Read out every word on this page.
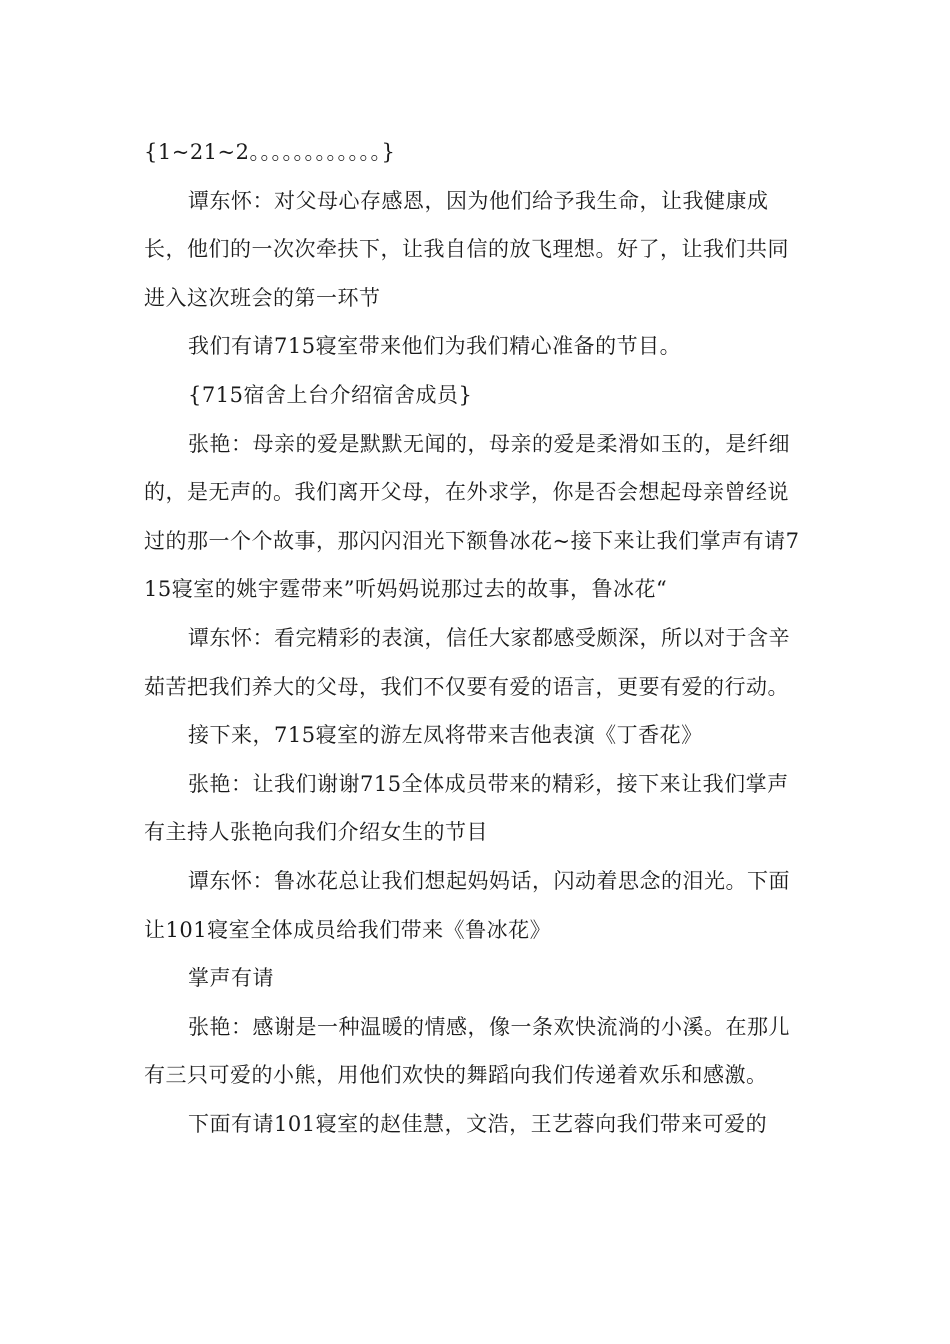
{1~21~2。。。。。。。。。。。。}

谭东怀：对父母心存感恩，因为他们给予我生命，让我健康成长，他们的一次次牵扶下，让我自信的放飞理想。好了，让我们共同进入这次班会的第一环节

我们有请715寝室带来他们为我们精心准备的节目。

{715宿舍上台介绍宿舍成员}

张艳：母亲的爱是默默无闻的，母亲的爱是柔滑如玉的，是纤细的，是无声的。我们离开父母，在外求学，你是否会想起母亲曾经说过的那一个个故事，那闪闪泪光下额鲁冰花~接下来让我们掌声有请715寝室的姚宇霆带来”听妈妈说那过去的故事，鲁冰花“

谭东怀：看完精彩的表演，信任大家都感受颇深，所以对于含辛茹苦把我们养大的父母，我们不仅要有爱的语言，更要有爱的行动。

接下来，715寝室的游左凤将带来吉他表演《丁香花》

张艳：让我们谢谢715全体成员带来的精彩，接下来让我们掌声有主持人张艳向我们介绍女生的节目

谭东怀：鲁冰花总让我们想起妈妈话，闪动着思念的泪光。下面让101寝室全体成员给我们带来《鲁冰花》

掌声有请

张艳：感谢是一种温暖的情感，像一条欢快流淌的小溪。在那儿有三只可爱的小熊，用他们欢快的舞蹈向我们传递着欢乐和感激。

下面有请101寝室的赵佳慧，文浩，王艺蓉向我们带来可爱的
